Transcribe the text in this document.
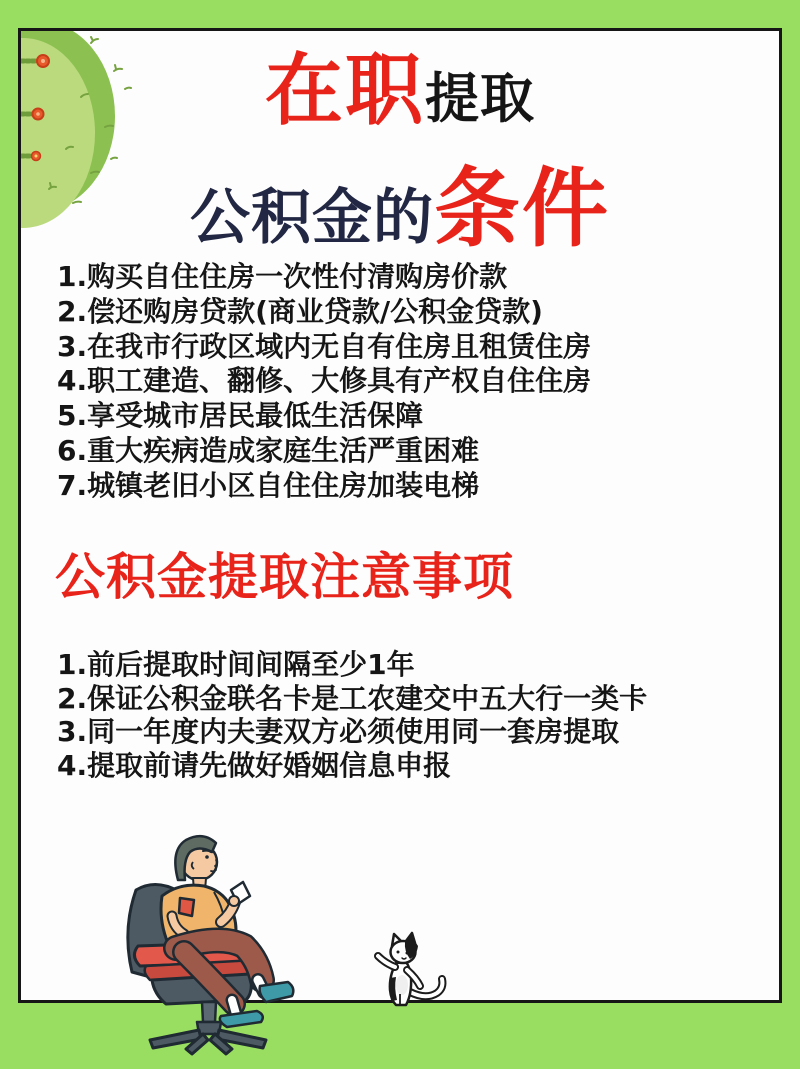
在职 提取
公积金的 条件
1.购买自住住房一次性付清购房价款
2.偿还购房贷款(商业贷款/公积金贷款)
3.在我市行政区域内无自有住房且租赁住房
4.职工建造、翻修、大修具有产权自住住房
5.享受城市居民最低生活保障
6.重大疾病造成家庭生活严重困难
7.城镇老旧小区自住住房加装电梯
公积金提取注意事项
1.前后提取时间间隔至少1年
2.保证公积金联名卡是工农建交中五大行一类卡
3.同一年度内夫妻双方必须使用同一套房提取
4.提取前请先做好婚姻信息申报
